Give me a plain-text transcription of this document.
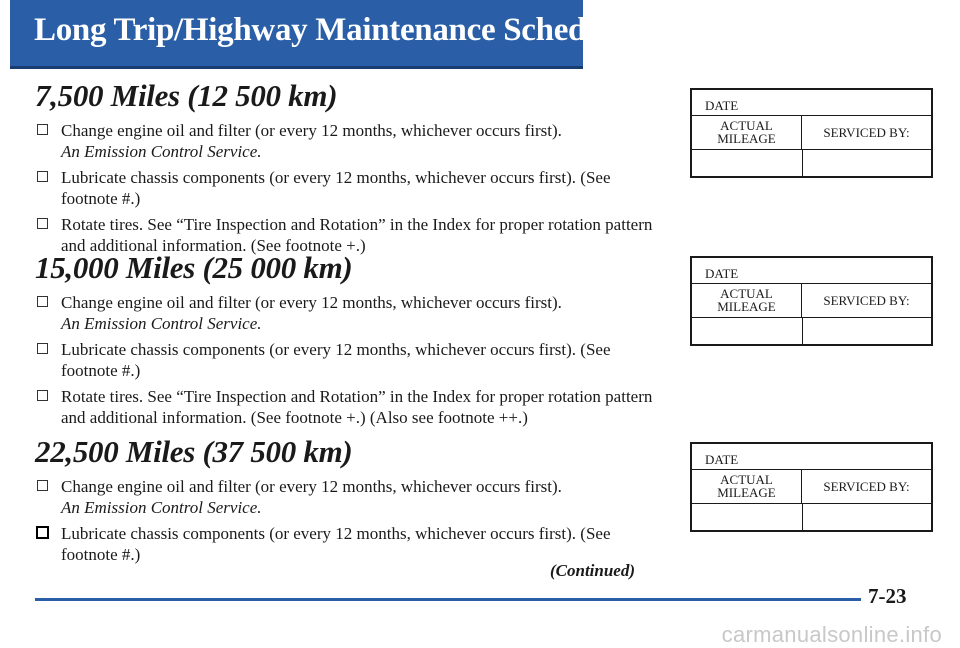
Long Trip/Highway Maintenance Schedule
7,500 Miles (12 500 km)
Change engine oil and filter (or every 12 months, whichever occurs first).
An Emission Control Service.
Lubricate chassis components (or every 12 months, whichever occurs first). (See footnote #.)
Rotate tires. See “Tire Inspection and Rotation” in the Index for proper rotation pattern and additional information. (See footnote +.)
15,000 Miles (25 000 km)
Change engine oil and filter (or every 12 months, whichever occurs first).
An Emission Control Service.
Lubricate chassis components (or every 12 months, whichever occurs first). (See footnote #.)
Rotate tires. See “Tire Inspection and Rotation” in the Index for proper rotation pattern and additional information. (See footnote +.) (Also see footnote ++.)
22,500 Miles (37 500 km)
Change engine oil and filter (or every 12 months, whichever occurs first).
An Emission Control Service.
Lubricate chassis components (or every 12 months, whichever occurs first). (See footnote #.)
DATE
ACTUAL MILEAGE	SERVICED BY:
DATE
ACTUAL MILEAGE	SERVICED BY:
DATE
ACTUAL MILEAGE	SERVICED BY:
(Continued)
7-23
carmanualsonline.info
